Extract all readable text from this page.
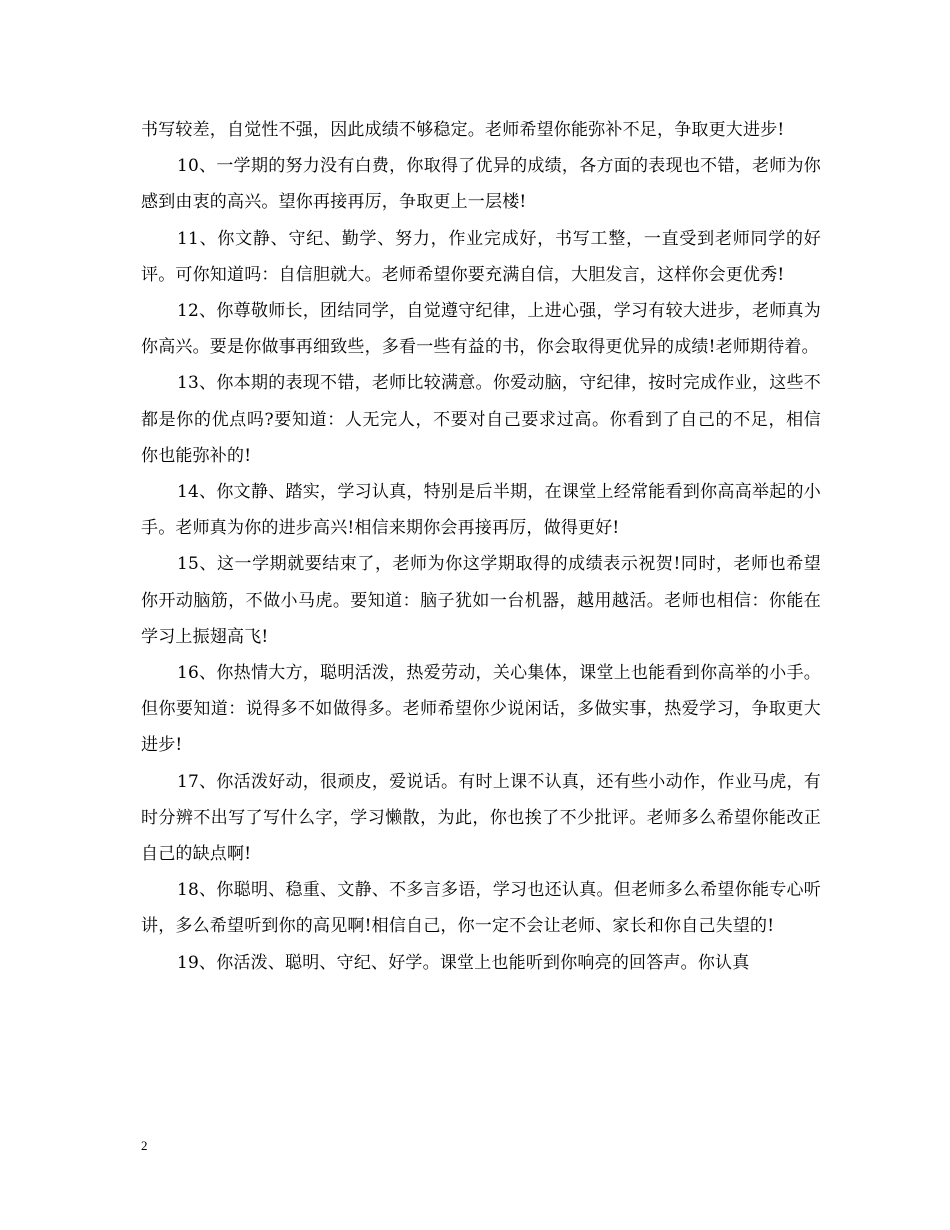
书写较差，自觉性不强，因此成绩不够稳定。老师希望你能弥补不足，争取更大进步!

10、一学期的努力没有白费，你取得了优异的成绩，各方面的表现也不错，老师为你感到由衷的高兴。望你再接再厉，争取更上一层楼!

11、你文静、守纪、勤学、努力，作业完成好，书写工整，一直受到老师同学的好评。可你知道吗：自信胆就大。老师希望你要充满自信，大胆发言，这样你会更优秀!

12、你尊敬师长，团结同学，自觉遵守纪律，上进心强，学习有较大进步，老师真为你高兴。要是你做事再细致些，多看一些有益的书，你会取得更优异的成绩!老师期待着。

13、你本期的表现不错，老师比较满意。你爱动脑，守纪律，按时完成作业，这些不都是你的优点吗?要知道：人无完人，不要对自己要求过高。你看到了自己的不足，相信你也能弥补的!

14、你文静、踏实，学习认真，特别是后半期，在课堂上经常能看到你高高举起的小手。老师真为你的进步高兴!相信来期你会再接再厉，做得更好!

15、这一学期就要结束了，老师为你这学期取得的成绩表示祝贺!同时，老师也希望你开动脑筋，不做小马虎。要知道：脑子犹如一台机器，越用越活。老师也相信：你能在学习上振翅高飞!

16、你热情大方，聪明活泼，热爱劳动，关心集体，课堂上也能看到你高举的小手。但你要知道：说得多不如做得多。老师希望你少说闲话，多做实事，热爱学习，争取更大进步!

17、你活泼好动，很顽皮，爱说话。有时上课不认真，还有些小动作，作业马虎，有时分辨不出写了写什么字，学习懒散，为此，你也挨了不少批评。老师多么希望你能改正自己的缺点啊!

18、你聪明、稳重、文静、不多言多语，学习也还认真。但老师多么希望你能专心听讲，多么希望听到你的高见啊!相信自己，你一定不会让老师、家长和你自己失望的!

19、你活泼、聪明、守纪、好学。课堂上也能听到你响亮的回答声。你认真

2
